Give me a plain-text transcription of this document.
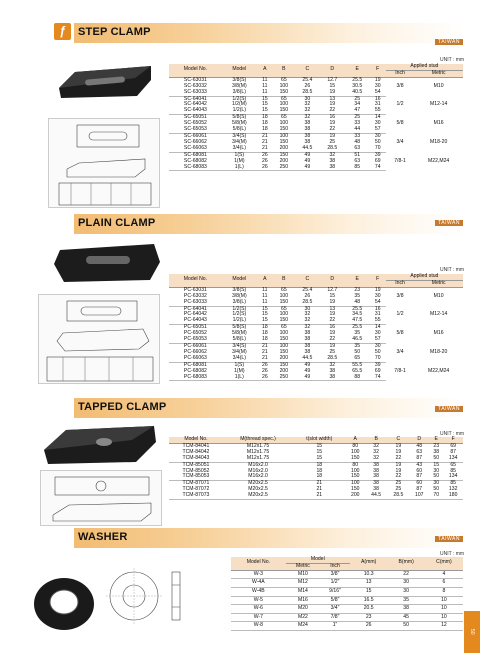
STEP CLAMP
TAIWAN
ƒ
UNIT : mm
Model No.	Model	A	B	C	D	E	F	Applied stud	
								Inch	Metric
SC-63031	3/8(S)	11	65	25.4	12.7	25.5	19	3/8	M10
SC-63032	3/8(M)	11	100	26	15	30.5	30		
SC-63033	3/8(L)	11	150	28.5	19	40.5	54		
SC-64041	1/2(S)	15	65	30	13	25	16	1/2	M12-14
SC-64042	1/2(M)	15	100	32	19	34	31		
SC-64043	1/2(L)	15	150	32	22	47	55		
SC-65051	5/8(S)	18	65	32	16	25	14	5/8	M16
SC-65052	5/8(M)	18	100	38	19	33	30		
SC-65053	5/8(L)	18	150	38	22	44	57		
SC-66061	3/4(S)	21	100	38	19	33	30	3/4	M18-20
SC-66062	3/4(M)	21	150	38	25	48	50		
SC-66063	3/4(L)	21	200	44.5	28.5	63	70		
SC-68081	1(S)	26	150	49	32	51	39	7/8-1	M22,M24
SC-68082	1(M)	26	200	49	38	63	69		
SC-68083	1(L)	26	250	49	38	85	74		
PLAIN CLAMP	TAIWAN
UNIT : mm
Model No.	Model	A	B	C	D	E	F	Applied stud	
								Inch	Metric
PC-63031	3/8(S)	11	65	25.4	12.7	23	19	3/8	M10
PC-63032	3/8(M)	11	100	26	15	35	30		
PC-63033	3/8(L)	11	150	28.5	19	48	54		
PC-64041	1/2(S)	15	65	30	13	25.5	16	1/2	M12-14
PC-64042	1/2(S)	15	100	32	19	34.5	31		
PC-64043	1/2(L)	15	150	32	22	47.5	55		
PC-65051	5/8(S)	18	65	32	16	25.5	14	5/8	M16
PC-65052	5/8(M)	18	100	38	19	35	30		
PC-65053	5/8(L)	18	150	38	22	46.5	57		
PC-66061	3/4(S)	21	100	38	19	35	30	3/4	M18-20
PC-66062	3/4(M)	21	150	38	25	50	50		
PC-66063	3/4(L)	21	200	44.5	28.5	65	70		
PC-68081	1(S)	26	150	49	32	55.5	39	7/8-1	M22,M24
PC-68082	1(M)	26	200	49	38	65.5	69		
PC-68083	1(L)	26	250	49	38	88	74		
TAPPED CLAMP	TAIWAN
UNIT : mm
Model No.	M(thread spec.)	t(slot width)	A	B	C	D	E	F
TCM-84041	M12x1.75	15	80	32	19	48	23	69
TCM-84042	M12x1.75	15	100	32	19	63	38	87
TCM-84043	M12x1.75	15	150	32	22	87	50	134
TCM-85051	M16x2.0	18	80	38	19	43	15	65
TCM-85052	M16x2.0	18	100	38	19	60	30	85
TCM-85053	M16x2.0	18	150	38	22	87	50	134
TCM-87071	M20x2.5	21	100	38	25	60	30	85
TCM-87072	M20x2.5	21	150	38	25	87	50	132
TCM-87073	M20x2.5	21	200	44.5	28.5	107	70	180
WASHER	TAIWAN
UNIT : mm
Model No.	Model		A(mm)	B(mm)	C(mm)
	Metric	Inch			
W-3	M10	3/8"	10.3	22	4
W-4A	M12	1/2"	13	30	6
W-4B	M14	9/16"	15	30	8
W-5	M16	5/8"	16.5	35	10
W-6	M20	3/4"	20.5	38	10
W-7	M22	7/8"	23	45	10
W-8	M24	1"	26	50	12
50
